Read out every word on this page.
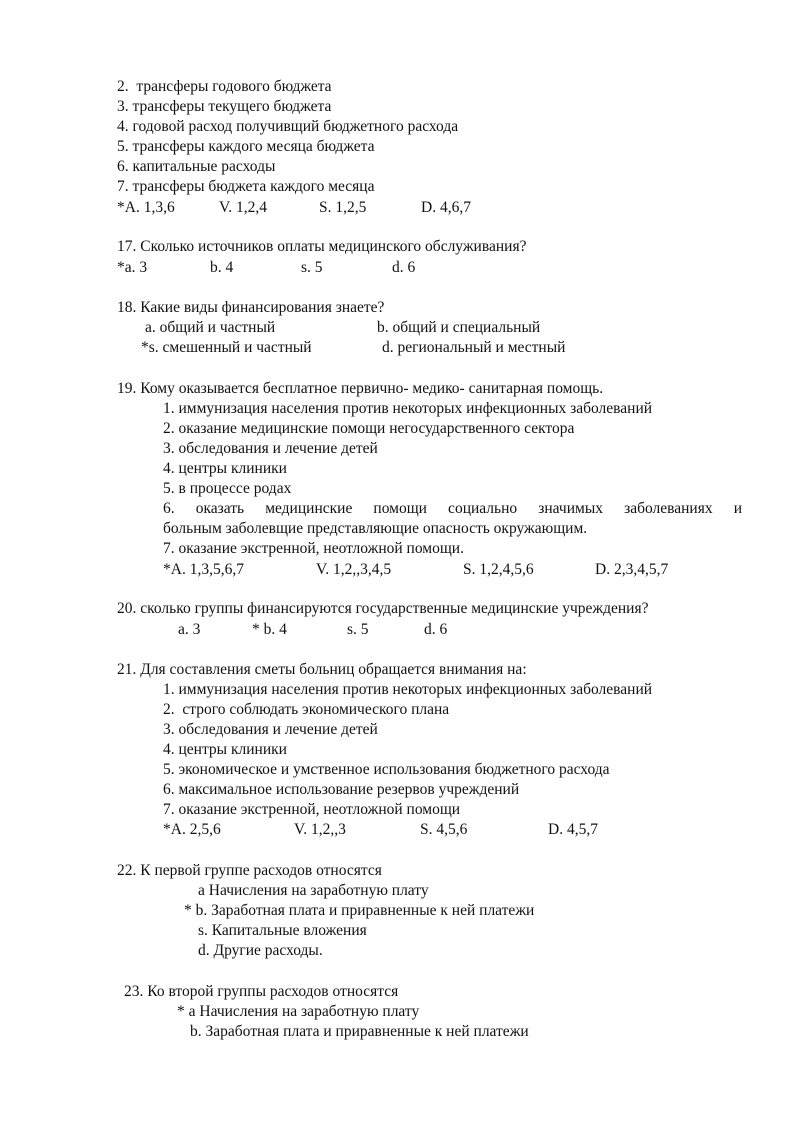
2.  трансферы годового бюджета
3. трансферы текущего бюджета
4. годовой расход получивщий бюджетного расхода
5. трансферы каждого месяца бюджета
6. капитальные расходы
7. трансферы бюджета каждого месяца
*A. 1,3,6	V. 1,2,4	S. 1,2,5	D. 4,6,7
17. Сколько источников оплаты медицинского обслуживания?
*a. 3	b. 4	s. 5	d. 6
18. Какие виды финансирования знаете?
a. общий и частный	b. общий и специальный
*s. смешенный и частный	d. региональный и местный
19. Кому оказывается бесплатное первично- медико- санитарная помощь.
1. иммунизация населения против некоторых инфекционных заболеваний
2. оказание медицинские помощи негосударственного сектора
3. обследования и лечение детей
4. центры клиники
5. в процессе родах
6. оказать медицинские помощи социально значимых заболеваниях и
больным заболевщие представляющие опасность окружающим.
7. оказание экстренной, неотложной помощи.
*A. 1,3,5,6,7	V. 1,2,,3,4,5	S. 1,2,4,5,6	D. 2,3,4,5,7
20. сколько группы финансируются государственные медицинские учреждения?
a. 3	* b. 4	s. 5	d. 6
21. Для составления сметы больниц обращается внимания на:
1. иммунизация населения против некоторых инфекционных заболеваний
2.  строго соблюдать экономического плана
3. обследования и лечение детей
4. центры клиники
5. экономическое и умственное использования бюджетного расхода
6. максимальное использование резервов учреждений
7. оказание экстренной, неотложной помощи
*A. 2,5,6	V. 1,2,,3	S. 4,5,6	D. 4,5,7
22. К первой группе расходов относятся
а Начисления на заработную плату
* b. Заработная плата и приравненные к ней платежи
s. Капитальные вложения
d. Другие расходы.
23. Ко второй группы расходов относятся
* а Начисления на заработную плату
b. Заработная плата и приравненные к ней платежи
